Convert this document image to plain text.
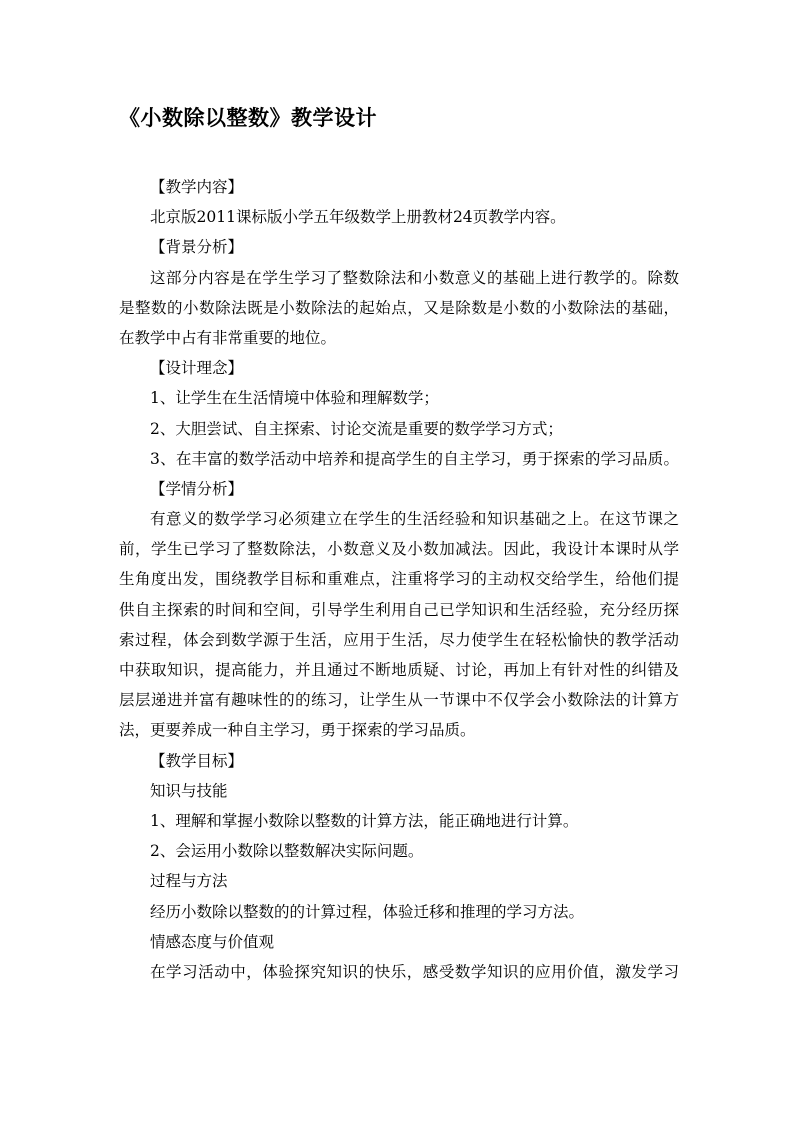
《小数除以整数》教学设计
【教学内容】
北京版2011课标版小学五年级数学上册教材24页教学内容。
【背景分析】
这部分内容是在学生学习了整数除法和小数意义的基础上进行教学的。除数
是整数的小数除法既是小数除法的起始点，又是除数是小数的小数除法的基础，
在教学中占有非常重要的地位。
【设计理念】
1、让学生在生活情境中体验和理解数学；
2、大胆尝试、自主探索、讨论交流是重要的数学学习方式；
3、在丰富的数学活动中培养和提高学生的自主学习，勇于探索的学习品质。
【学情分析】
有意义的数学学习必须建立在学生的生活经验和知识基础之上。在这节课之
前，学生已学习了整数除法，小数意义及小数加减法。因此，我设计本课时从学
生角度出发，围绕教学目标和重难点，注重将学习的主动权交给学生，给他们提
供自主探索的时间和空间，引导学生利用自己已学知识和生活经验，充分经历探
索过程，体会到数学源于生活，应用于生活，尽力使学生在轻松愉快的教学活动
中获取知识，提高能力，并且通过不断地质疑、讨论，再加上有针对性的纠错及
层层递进并富有趣味性的的练习，让学生从一节课中不仅学会小数除法的计算方
法，更要养成一种自主学习，勇于探索的学习品质。
【教学目标】
知识与技能
1、理解和掌握小数除以整数的计算方法，能正确地进行计算。
2、会运用小数除以整数解决实际问题。
过程与方法
经历小数除以整数的的计算过程，体验迁移和推理的学习方法。
情感态度与价值观
在学习活动中，体验探究知识的快乐，感受数学知识的应用价值，激发学习
